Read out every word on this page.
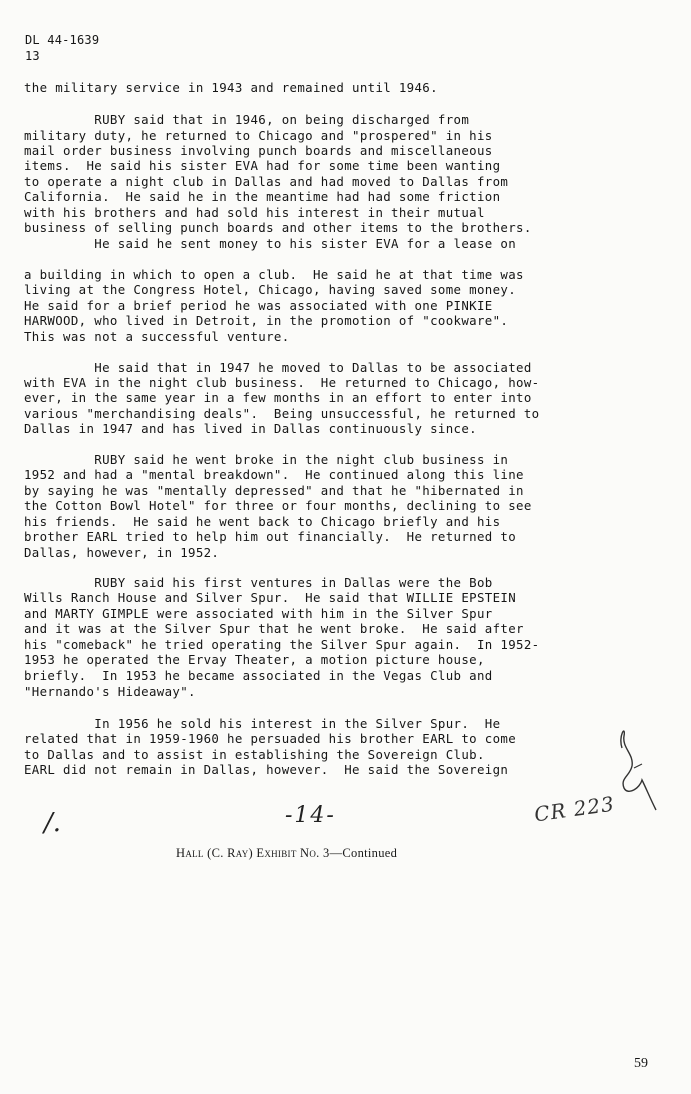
DL 44-1639
13
the military service in 1943 and remained until 1946.
RUBY said that in 1946, on being discharged from
military duty, he returned to Chicago and "prospered" in his
mail order business involving punch boards and miscellaneous
items.  He said his sister EVA had for some time been wanting
to operate a night club in Dallas and had moved to Dallas from
California.  He said he in the meantime had had some friction
with his brothers and had sold his interest in their mutual
business of selling punch boards and other items to the brothers.
He said he sent money to his sister EVA for a lease on
a building in which to open a club.  He said he at that time was
living at the Congress Hotel, Chicago, having saved some money.
He said for a brief period he was associated with one PINKIE
HARWOOD, who lived in Detroit, in the promotion of "cookware".
This was not a successful venture.
He said that in 1947 he moved to Dallas to be associated
with EVA in the night club business.  He returned to Chicago, how-
ever, in the same year in a few months in an effort to enter into
various "merchandising deals".  Being unsuccessful, he returned to
Dallas in 1947 and has lived in Dallas continuously since.
RUBY said he went broke in the night club business in
1952 and had a "mental breakdown".  He continued along this line
by saying he was "mentally depressed" and that he "hibernated in
the Cotton Bowl Hotel" for three or four months, declining to see
his friends.  He said he went back to Chicago briefly and his
brother EARL tried to help him out financially.  He returned to
Dallas, however, in 1952.
RUBY said his first ventures in Dallas were the Bob
Wills Ranch House and Silver Spur.  He said that WILLIE EPSTEIN
and MARTY GIMPLE were associated with him in the Silver Spur
and it was at the Silver Spur that he went broke.  He said after
his "comeback" he tried operating the Silver Spur again.  In 1952-
1953 he operated the Ervay Theater, a motion picture house,
briefly.  In 1953 he became associated in the Vegas Club and
"Hernando's Hideaway".
In 1956 he sold his interest in the Silver Spur.  He
related that in 1959-1960 he persuaded his brother EARL to come
to Dallas and to assist in establishing the Sovereign Club.
EARL did not remain in Dallas, however.  He said the Sovereign
/.	-14-	CR 223
Hall (C. Ray) Exhibit No. 3—Continued
59
